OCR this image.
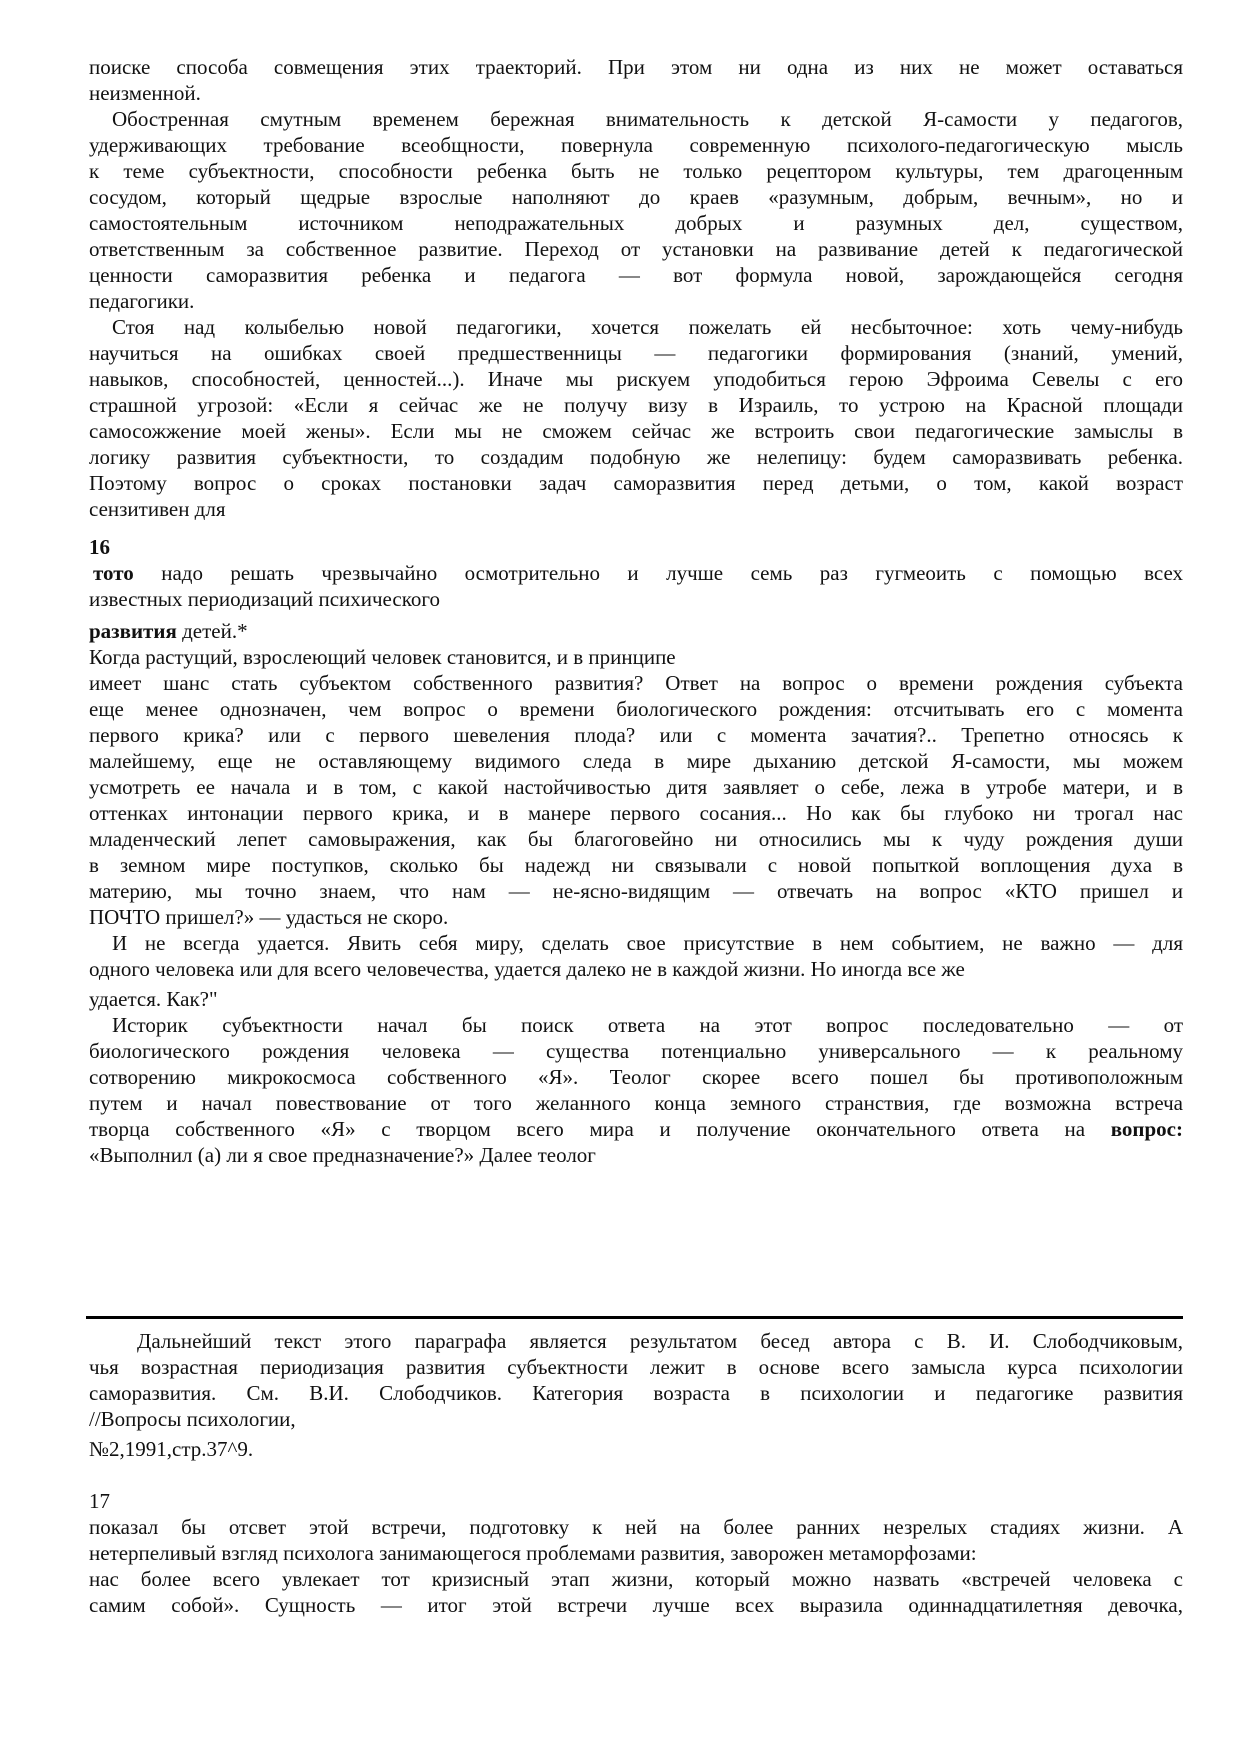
поиске способа совмещения этих траекторий. При этом ни одна из них не может оставаться
неизменной.
Обостренная смутным временем бережная внимательность к детской Я-самости у педагогов,
удерживающих требование всеобщности, повернула современную психолого-педагогическую мысль
к теме субъектности, способности ребенка быть не только рецептором культуры, тем драгоценным
сосудом, который щедрые взрослые наполняют до краев «разумным, добрым, вечным», но и
самостоятельным источником неподражательных добрых и разумных дел, существом,
ответственным за собственное развитие. Переход от установки на развивание детей к педагогической
ценности саморазвития ребенка и педагога — вот формула новой, зарождающейся сегодня
педагогики.
Стоя над колыбелью новой педагогики, хочется пожелать ей несбыточное: хоть чему-нибудь
научиться на ошибках своей предшественницы — педагогики формирования (знаний, умений,
навыков, способностей, ценностей...). Иначе мы рискуем уподобиться герою Эфроима Севелы с его
страшной угрозой: «Если я сейчас же не получу визу в Израиль, то устрою на Красной площади
самосожжение моей жены». Если мы не сможем сейчас же встроить свои педагогические замыслы в
логику развития субъектности, то создадим подобную же нелепицу: будем саморазвивать ребенка.
Поэтому вопрос о сроках постановки задач саморазвития перед детьми, о том, какой возраст
сензитивен для
16
тото надо решать чрезвычайно осмотрительно и лучше семь раз гугмеоить с помощью всех
известных периодизаций психического
развития детей.*
Когда растущий, взрослеющий человек становится, и в принципе
имеет шанс стать субъектом собственного развития? Ответ на вопрос о времени рождения субъекта
еще менее однозначен, чем вопрос о времени биологического рождения: отсчитывать его с момента
первого крика? или с первого шевеления плода? или с момента зачатия?.. Трепетно относясь к
малейшему, еще не оставляющему видимого следа в мире дыханию детской Я-самости, мы можем
усмотреть ее начала и в том, с какой настойчивостью дитя заявляет о себе, лежа в утробе матери, и в
оттенках интонации первого крика, и в манере первого сосания... Но как бы глубоко ни трогал нас
младенческий лепет самовыражения, как бы благоговейно ни относились мы к чуду рождения души
в земном мире поступков, сколько бы надежд ни связывали с новой попыткой воплощения духа в
материю, мы точно знаем, что нам — не-ясно-видящим — отвечать на вопрос «КТО пришел и
ПОЧТО пришел?» — удасться не скоро.
И не всегда удается. Явить себя миру, сделать свое присутствие в нем событием, не важно — для
одного человека или для всего человечества, удается далеко не в каждой жизни. Но иногда все же
удается. Как?"
Историк субъектности начал бы поиск ответа на этот вопрос последовательно — от
биологического рождения человека — существа потенциально универсального — к реальному
сотворению микрокосмоса собственного «Я». Теолог скорее всего пошел бы противоположным
путем и начал повествование от того желанного конца земного странствия, где возможна встреча
творца собственного «Я» с творцом всего мира и получение окончательного ответа на вопрос:
«Выполнил (а) ли я свое предназначение?» Далее теолог
Дальнейший текст этого параграфа является результатом бесед автора с В. И. Слободчиковым,
чья возрастная периодизация развития субъектности лежит в основе всего замысла курса психологии
саморазвития. См. В.И. Слободчиков. Категория возраста в психологии и педагогике развития
//Вопросы психологии,
№2,1991,стр.37^9.
17
показал бы отсвет этой встречи, подготовку к ней на более ранних незрелых стадиях жизни. А
нетерпеливый взгляд психолога занимающегося проблемами развития, заворожен метаморфозами:
нас более всего увлекает тот кризисный этап жизни, который можно назвать «встречей человека с
самим собой». Сущность — итог этой встречи лучше всех выразила одиннадцатилетняя девочка,
